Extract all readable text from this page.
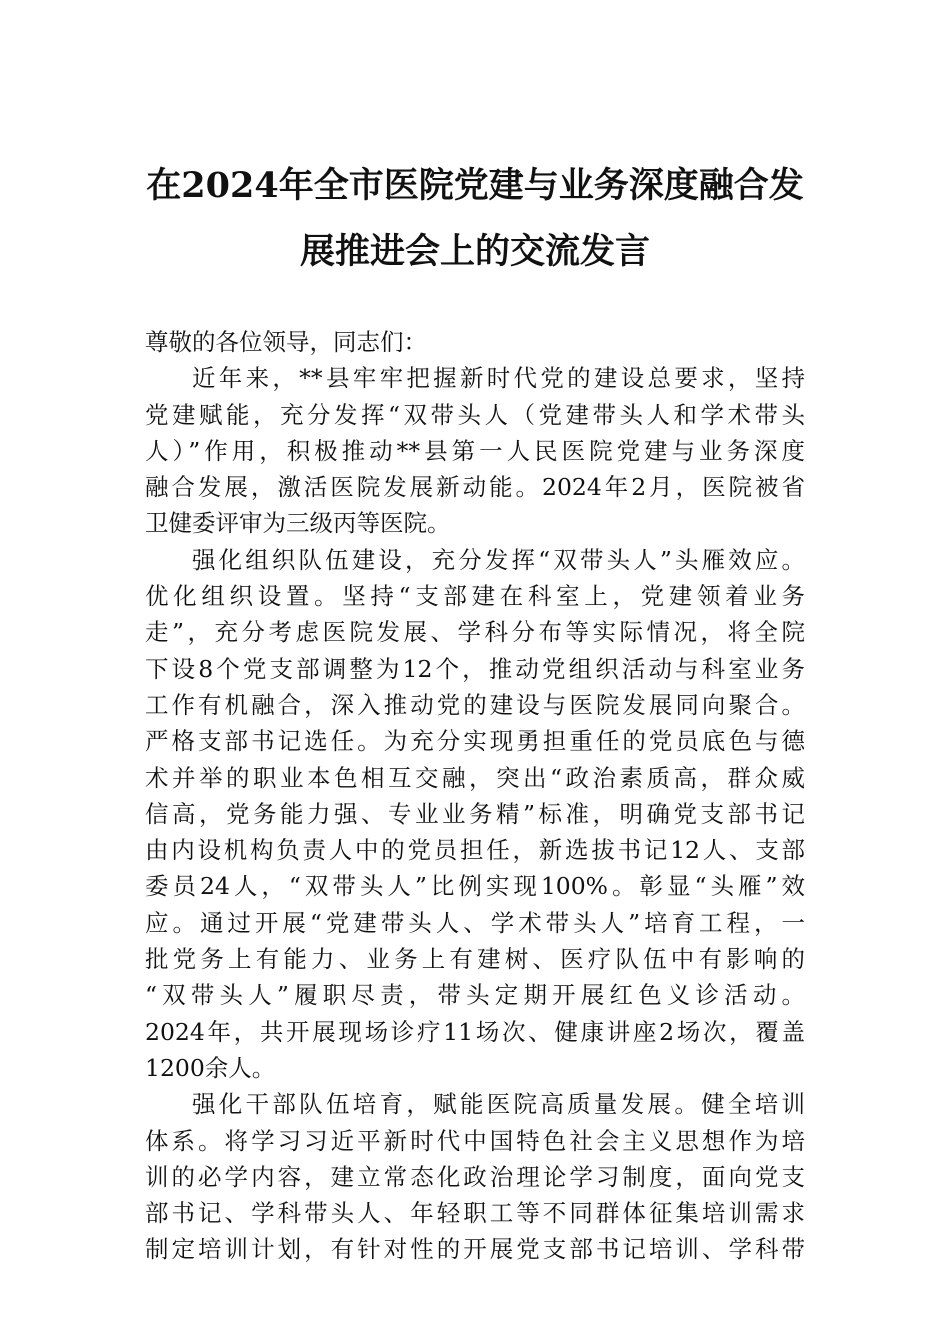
在2024年全市医院党建与业务深度融合发
展推进会上的交流发言
尊敬的各位领导，同志们：
近年来，**县牢牢把握新时代党的建设总要求，坚持
党建赋能，充分发挥“双带头人（党建带头人和学术带头
人）”作用，积极推动**县第一人民医院党建与业务深度
融合发展，激活医院发展新动能。2024年2月，医院被省
卫健委评审为三级丙等医院。
强化组织队伍建设，充分发挥“双带头人”头雁效应。
优化组织设置。坚持“支部建在科室上，党建领着业务
走”，充分考虑医院发展、学科分布等实际情况，将全院
下设8个党支部调整为12个，推动党组织活动与科室业务
工作有机融合，深入推动党的建设与医院发展同向聚合。
严格支部书记选任。为充分实现勇担重任的党员底色与德
术并举的职业本色相互交融，突出“政治素质高，群众威
信高，党务能力强、专业业务精”标准，明确党支部书记
由内设机构负责人中的党员担任，新选拔书记12人、支部
委员24人，“双带头人”比例实现100%。彰显“头雁”效
应。通过开展“党建带头人、学术带头人”培育工程，一
批党务上有能力、业务上有建树、医疗队伍中有影响的
“双带头人”履职尽责，带头定期开展红色义诊活动。
2024年，共开展现场诊疗11场次、健康讲座2场次，覆盖
1200余人。
强化干部队伍培育，赋能医院高质量发展。健全培训
体系。将学习习近平新时代中国特色社会主义思想作为培
训的必学内容，建立常态化政治理论学习制度，面向党支
部书记、学科带头人、年轻职工等不同群体征集培训需求
制定培训计划，有针对性的开展党支部书记培训、学科带
